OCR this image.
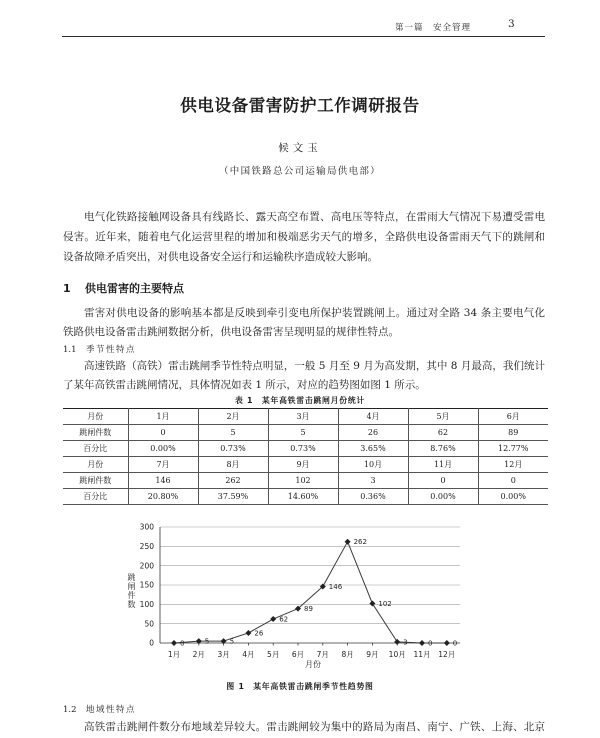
第一篇　安全管理	3
供电设备雷害防护工作调研报告
候文玉
（中国铁路总公司运输局供电部）
电气化铁路接触网设备具有线路长、露天高空布置、高电压等特点，在雷雨大气情况下易遭受雷电
侵害。近年来，随着电气化运营里程的增加和极端恶劣天气的增多，全路供电设备雷雨天气下的跳闸和
设备故障矛盾突出，对供电设备安全运行和运输秩序造成较大影响。
1 供电雷害的主要特点
雷害对供电设备的影响基本都是反映到牵引变电所保护装置跳闸上。通过对全路 34 条主要电气化
铁路供电设备雷击跳闸数据分析，供电设备雷害呈现明显的规律性特点。
1.1 季节性特点
高速铁路（高铁）雷击跳闸季节性特点明显，一般 5 月至 9 月为高发期，其中 8 月最高，我们统计
了某年高铁雷击跳闸情况，具体情况如表 1 所示，对应的趋势图如图 1 所示。
表 1　某年高铁雷击跳闸月份统计
月份	1月	2月	3月	4月	5月	6月
跳闸件数	0	5	5	26	62	89
百分比	0.00%	0.73%	0.73%	3.65%	8.76%	12.77%
月份	7月	8月	9月	10月	11月	12月
跳闸件数	146	262	102	3	0	0
百分比	20.80%	37.59%	14.60%	0.36%	0.00%	0.00%
月份
0
50
100
150
200
250
300
1月 2月 3月 4月 5月 6月 7月 8月 9月 10月 11月 12月
0	5	5
26
62
89
146
262
102
3	0	0
跳闸件数
图 1　某年高铁雷击跳闸季节性趋势图
1.2 地域性特点
高铁雷击跳闸件数分布地域差异较大。雷击跳闸较为集中的路局为南昌、南宁、广铁、上海、北京
